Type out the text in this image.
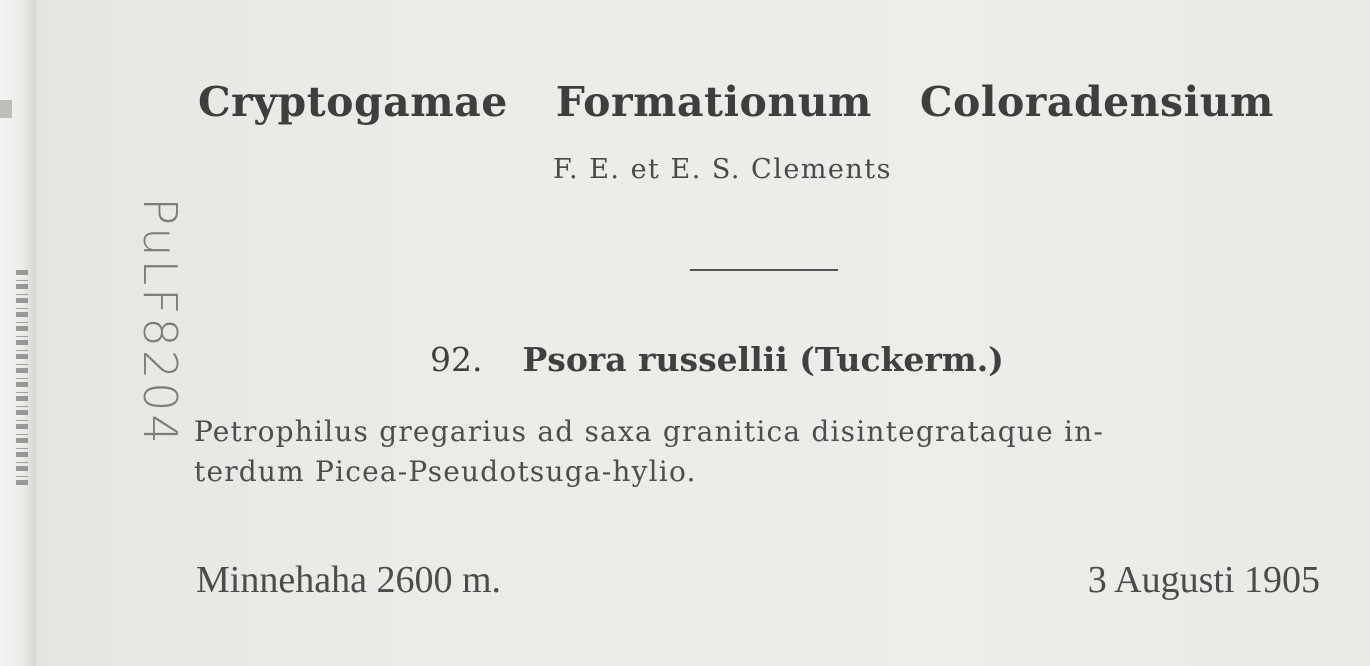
Cryptogamae Formationum Coloradensium
F. E. et E. S. Clements
92. Psora russellii (Tuckerm.)
Petrophilus gregarius ad saxa granitica disintegrataque in-
terdum Picea-Pseudotsuga-hylio.
Minnehaha 2600 m.	3 Augusti 1905
PuLF8204
